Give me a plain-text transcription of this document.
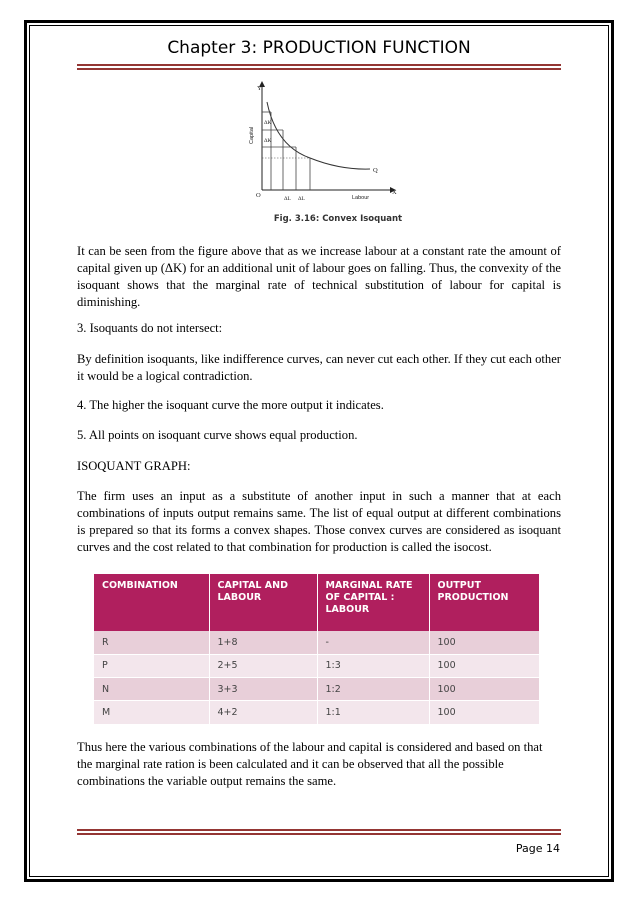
Chapter 3: PRODUCTION FUNCTION
Y
X
O
Capital
Labour
Q
ΔK
ΔK
ΔL ΔL
Fig. 3.16: Convex Isoquant

It can be seen from the figure above that as we increase labour at a constant rate the amount of capital given up (ΔK) for an additional unit of labour goes on falling. Thus, the convexity of the isoquant shows that the marginal rate of technical substitution of labour for capital is diminishing.

3. Isoquants do not intersect:

By definition isoquants, like indifference curves, can never cut each other. If they cut each other it would be a logical contradiction.

4. The higher the isoquant curve the more output it indicates.

5. All points on isoquant curve shows equal production.

ISOQUANT GRAPH:

The firm uses an input as a substitute of another input in such a manner that at each combinations of inputs output remains same. The list of equal output at different combinations is prepared so that its forms a convex shapes. Those convex curves are considered as isoquant curves and the cost related to that combination for production is called the isocost.

COMBINATION	CAPITAL AND LABOUR	MARGINAL RATE OF CAPITAL : LABOUR	OUTPUT PRODUCTION
R	1+8	-	100
P	2+5	1:3	100
N	3+3	1:2	100
M	4+2	1:1	100

Thus here the various combinations of the labour and capital is considered and based on that the marginal rate ration is been calculated and it can be observed that all the possible combinations the variable output remains the same.

Page 14
